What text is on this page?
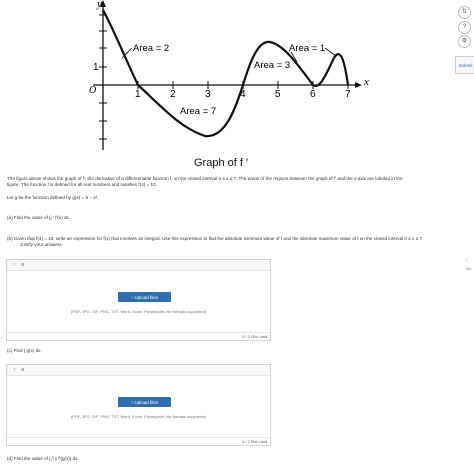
y
x
O
1
1	2	3	4	5	6	7
Area = 2
Area = 7
Area = 3
Area = 1
Graph of f ′
⇅
?
⚙
Submit
‹
Su
The figure above shows the graph of f′, the derivative of a differentiable function f, on the closed interval 0 ≤ x ≤ 7. The areas of the regions between the graph of f′ and the x-axis are labeled in the
figure. The function f is defined for all real numbers and satisfies f(4) = 10.
Let g be the function defined by g(x) = 5 − x².
(a) Find the value of ∫₀⁷ f′(x) dx.
(b) Given that f(4) = 10, write an expression for f(x) that involves an integral. Use this expression to find the absolute minimum value of f and the absolute maximum value of f on the closed interval 0 ≤ x ≤ 7.
Justify your answers.
↑ ≡
↑ Upload files
(PDF, JPG, GIF, PNG, TXT, Word, Excel, Powerpoint, file formats supported)
0 / 2 File Limit
(c) Find ∫ g(x) dx.
↑ ≡
↑ Upload files
(PDF, JPG, GIF, PNG, TXT, Word, Excel, Powerpoint, file formats supported)
0 / 2 File Limit
(d) Find the value of ∫₁³ x f′(g(x)) dx.
